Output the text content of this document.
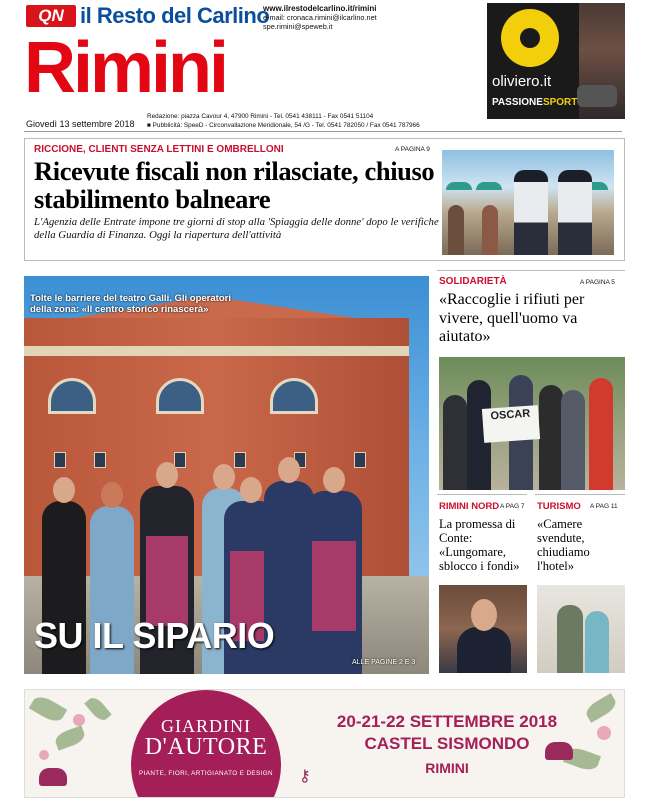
QN il Resto del Carlino
www.ilrestodelcarlino.it/rimini
e-mail: cronaca.rimini@ilcarlino.net
spe.rimini@speweb.it
Rimini
Giovedì 13 settembre 2018
Redazione: piazza Cavour 4, 47900 Rimini - Tel. 0541 438111 - Fax 0541 51104
■ Pubblicità: SpeeD - Circonvallazione Meridionale, 54 /G - Tel. 0541 782050 / Fax 0541 787966
oliviero.it
PASSIONESPORT
RICCIONE, CLIENTI SENZA LETTINI E OMBRELLONI	A PAGINA 9
Ricevute fiscali non rilasciate, chiuso stabilimento balneare
L'Agenzia delle Entrate impone tre giorni di stop alla 'Spiaggia delle donne' dopo le verifiche della Guardia di Finanza. Oggi la riapertura dell'attività
Tolte le barriere del teatro Galli. Gli operatori della zona: «Il centro storico rinascerà»
SU IL SIPARIO
ALLE PAGINE 2 E 3
SOLIDARIETÀ	A PAGINA 5
«Raccoglie i rifiuti per vivere, quell'uomo va aiutato»
OSCAR
RIMINI NORD A PAG 7
La promessa di Conte: «Lungomare, sblocco i fondi»
TURISMO A PAG 11
«Camere svendute, chiudiamo l'hotel»
GIARDINI
D'AUTORE
PIANTE, FIORI, ARTIGIANATO E DESIGN	⚷
20-21-22 SETTEMBRE 2018
CASTEL SISMONDO
RIMINI
